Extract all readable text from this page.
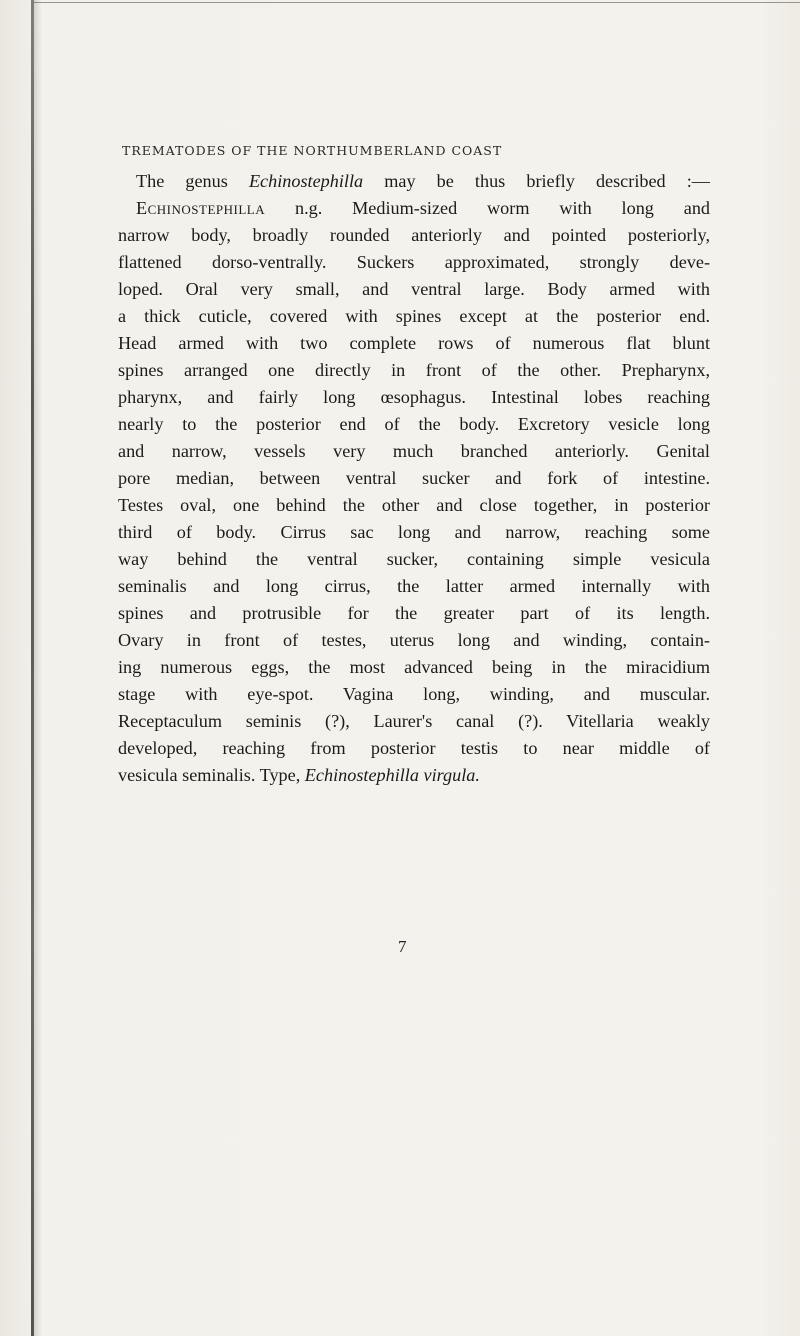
TREMATODES OF THE NORTHUMBERLAND COAST
The genus Echinostephilla may be thus briefly described :—
Echinostephilla n.g. Medium-sized worm with long and
narrow body, broadly rounded anteriorly and pointed posteriorly,
flattened dorso-ventrally. Suckers approximated, strongly deve-
loped. Oral very small, and ventral large. Body armed with
a thick cuticle, covered with spines except at the posterior end.
Head armed with two complete rows of numerous flat blunt
spines arranged one directly in front of the other. Prepharynx,
pharynx, and fairly long œsophagus. Intestinal lobes reaching
nearly to the posterior end of the body. Excretory vesicle long
and narrow, vessels very much branched anteriorly. Genital
pore median, between ventral sucker and fork of intestine.
Testes oval, one behind the other and close together, in posterior
third of body. Cirrus sac long and narrow, reaching some
way behind the ventral sucker, containing simple vesicula
seminalis and long cirrus, the latter armed internally with
spines and protrusible for the greater part of its length.
Ovary in front of testes, uterus long and winding, contain-
ing numerous eggs, the most advanced being in the miracidium
stage with eye-spot. Vagina long, winding, and muscular.
Receptaculum seminis (?), Laurer's canal (?). Vitellaria weakly
developed, reaching from posterior testis to near middle of
vesicula seminalis. Type, Echinostephilla virgula.
7
